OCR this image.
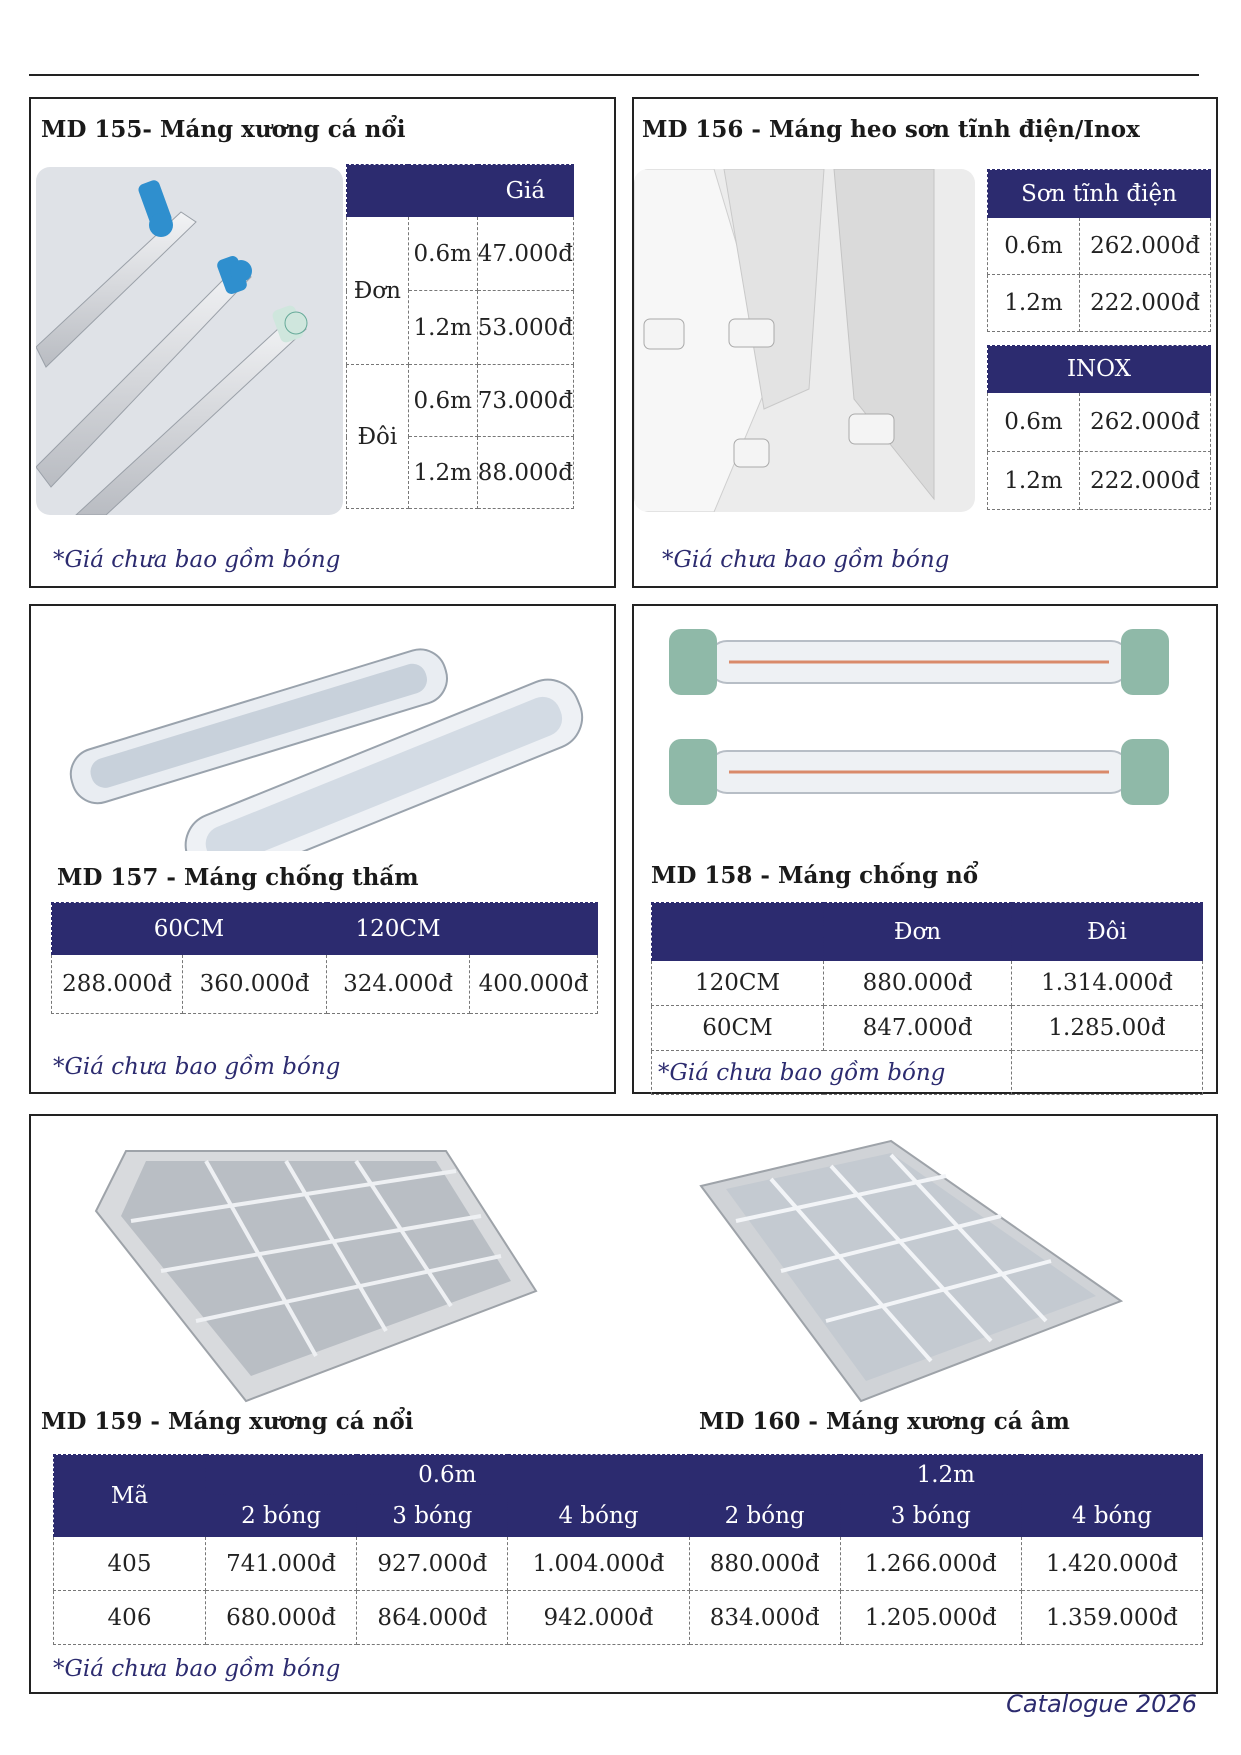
MD 155- Máng xương cá nổi
		Giá
Đơn	0.6m	47.000đ
	1.2m	53.000đ
Đôi	0.6m	73.000đ
	1.2m	88.000đ
*Giá chưa bao gồm bóng
MD 156 - Máng heo sơn tĩnh điện/Inox
Sơn tĩnh điện	
0.6m	262.000đ
1.2m	222.000đ
INOX	
0.6m	262.000đ
1.2m	222.000đ
*Giá chưa bao gồm bóng
MD 157 - Máng chống thấm
60CM		120CM	
288.000đ	360.000đ	324.000đ	400.000đ
*Giá chưa bao gồm bóng
MD 158 - Máng chống nổ
	Đơn	Đôi
120CM	880.000đ	1.314.000đ
60CM	847.000đ	1.285.00đ
*Giá chưa bao gồm bóng		
MD 159 - Máng xương cá nổi	MD 160 - Máng xương cá âm
Mã	0.6m			1.2m		
	2 bóng	3 bóng	4 bóng	2 bóng	3 bóng	4 bóng
405	741.000đ	927.000đ	1.004.000đ	880.000đ	1.266.000đ	1.420.000đ
406	680.000đ	864.000đ	942.000đ	834.000đ	1.205.000đ	1.359.000đ
*Giá chưa bao gồm bóng
Catalogue 2026
